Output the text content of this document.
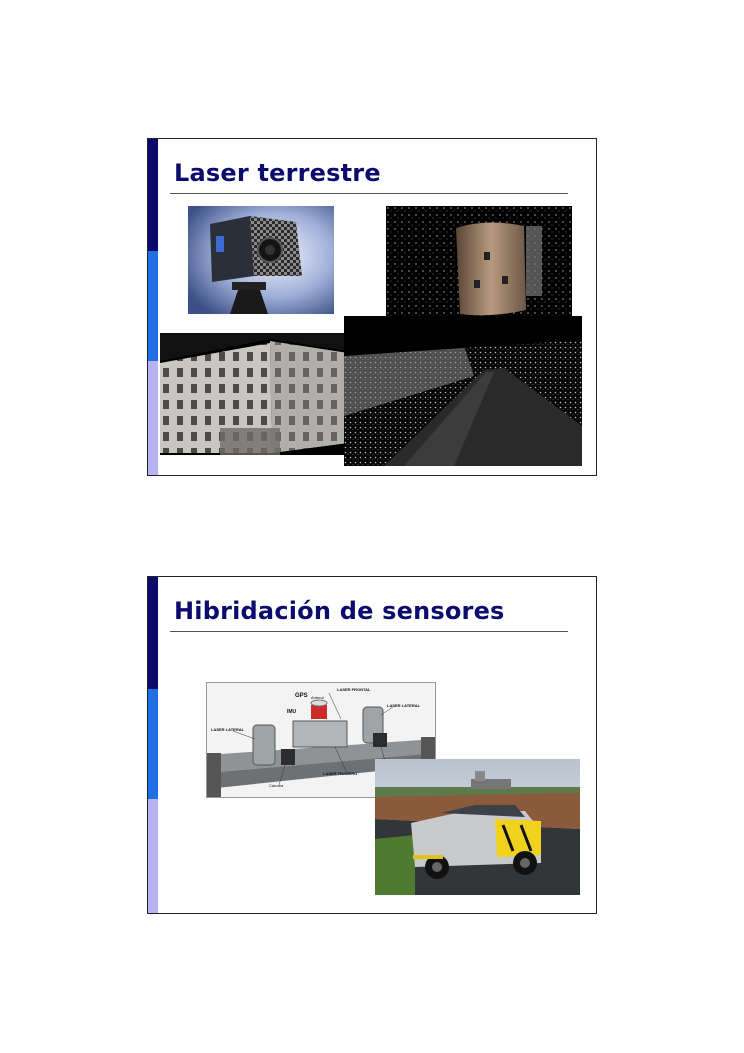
Laser terrestre
Hibridación de sensores
GPS Antena
IMU
LASER FRONTAL
LASER LATERAL
LASER LATERAL
Cámara
LASER TRASERO
